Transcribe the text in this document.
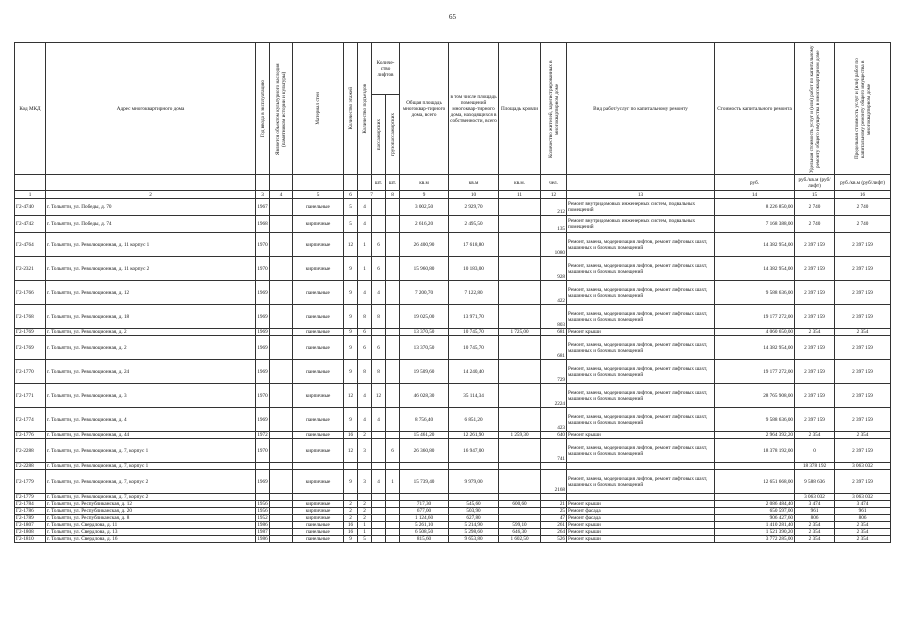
65
Код МКД	Адрес многоквартирного дома	Год ввода в эксплуатацию	Является объектом культурного наследия (памятником истории и культуры)	Материал стен	Количество этажей	Количество подъездов	Количе-ство лифтов		Общая площадь многоквар-тирного дома, всего	в том числе площадь помещений многоквар-тирного дома, находящихся в собственности, всего	Площадь кровли	Количество жителей, зарегистрированных в многоквартирном доме	Вид работ/услуг по капитальному ремонту	Стоимость капитального ремонта	Удельная стоимость услуг и (или) работ по капитальному ремонту общего имущества в многоквартирном доме	Предельная стоимость услуг и (или) работ по капитальному ремонту общего имущества в многоквартирном доме

							пассажирских	грузопассажирских								

							шт.	шт.	кв.м	кв.м	кв.м.	чел.		руб.	руб./кв.м (руб/лифт)	руб./кв.м (руб/лифт)
1	2	3	4	5	6	7		8	9	10	11	12	13	14	15	16
Г2-4740	г. Тольятти, ул. Победы, д. 70	1967		панельные	5	4			3 002,50	2 929,70		212	Ремонт внутридомовых инженерных систем, подвальных помещений	8 226 850,00	2 740	2 740
Г2-4742	г. Тольятти, ул. Победы, д. 74	1968		кирпичные	5	4			2 616,20	2 495,50		135	Ремонт внутридомовых инженерных систем, подвальных помещений	7 168 388,00	2 740	2 740
Г2-4764	г. Тольятти, ул. Революционная, д. 11 корпус 1	1970		кирпичные	12	1	6		26 400,90	17 618,80		1080	Ремонт, замена, модернизация лифтов, ремонт лифтовых шахт, машинных и блочных помещений	14 382 954,00	2 397 159	2 397 159
Г2-2321	г. Тольятти, ул. Революционная, д. 11 корпус 2	1970		кирпичные	9	1	6		15 960,80	10 183,00		928	Ремонт, замена, модернизация лифтов, ремонт лифтовых шахт, машинных и блочных помещений	14 382 954,00	2 397 159	2 397 159
Г2-1766	г. Тольятти, ул. Революционная, д. 12	1969		панельные	9	4	4		7 200,70	7 122,80		422	Ремонт, замена, модернизация лифтов, ремонт лифтовых шахт, машинных и блочных помещений	9 588 636,00	2 397 159	2 397 159
Г2-1768	г. Тольятти, ул. Революционная, д. 18	1969		панельные	9	8	8		19 025,00	13 971,70		803	Ремонт, замена, модернизация лифтов, ремонт лифтовых шахт, машинных и блочных помещений	19 177 272,00	2 397 159	2 397 159
Г2-1769	г. Тольятти, ул. Революционная, д. 2	1969		панельные	9	6			13 370,50	10 745,70	1 725,00	681	Ремонт крыши	4 060 650,00	2 354	2 354
Г2-1769	г. Тольятти, ул. Революционная, д. 2	1969		панельные	9	6	6		13 370,50	10 745,70		681	Ремонт, замена, модернизация лифтов, ремонт лифтовых шахт, машинных и блочных помещений	14 382 954,00	2 397 159	2 397 159
Г2-1770	г. Тольятти, ул. Революционная, д. 24	1969		панельные	9	8	8		19 509,60	14 240,40		729	Ремонт, замена, модернизация лифтов, ремонт лифтовых шахт, машинных и блочных помещений	19 177 272,00	2 397 159	2 397 159
Г2-1771	г. Тольятти, ул. Революционная, д. 3	1970		кирпичные	12	4	12		46 028,30	35 114,34		2224	Ремонт, замена, модернизация лифтов, ремонт лифтовых шахт, машинных и блочных помещений	28 765 908,00	2 397 159	2 397 159
Г2-1774	г. Тольятти, ул. Революционная, д. 4	1969		панельные	9	4	4		8 756,40	6 851,20		423	Ремонт, замена, модернизация лифтов, ремонт лифтовых шахт, машинных и блочных помещений	9 588 636,00	2 397 159	2 397 159
Г2-1776	г. Тольятти, ул. Революционная, д. 44	1972		панельные	16	2			15 461,20	12 261,90	1 259,30	640	Ремонт крыши	2 964 392,20	2 354	2 354
Г2-2288	г. Тольятти, ул. Революционная, д. 7, корпус 1	1970		кирпичные	12	3		6	26 360,80	16 947,00		741	Ремонт, замена, модернизация лифтов, ремонт лифтовых шахт, машинных и блочных помещений	18 378 192,00	0	2 397 159
Г2-2288	г. Тольятти, ул. Революционная, д. 7, корпус 1														18 378 192	3 063 032
Г2-1779	г. Тольятти, ул. Революционная, д. 7, корпус 2	1969		кирпичные	9	3	4	1	15 739,40	9 979,00		2168	Ремонт, замена, модернизация лифтов, ремонт лифтовых шахт, машинных и блочных помещений	12 651 668,00	9 588 636	2 397 159
Г2-1779	г. Тольятти, ул. Революционная, д. 7, корпус 2														3 063 032	3 063 032
Г2-1784	г. Тольятти, ул. Республиканская, д. 12	1956		кирпичные	2	2			717,30	545,60	600,60	21	Ремонт крыши	2 086 484,40	3 474	3 474
Г2-1786	г. Тольятти, ул. Республиканская, д. 20	1956		кирпичные	2	2			677,00	503,90		25	Ремонт фасада	650 597,00	961	961
Г2-1789	г. Тольятти, ул. Республиканская, д. 8	1952		кирпичные	2	2			1 124,60	627,80		47	Ремонт фасада	906 427,60	806	806
Г2-1807	г. Тольятти, ул. Свердлова, д. 11	1986		панельные	16	1			5 261,10	5 214,90	599,10	261	Ремонт крыши	1 410 281,40	2 354	2 354
Г2-1808	г. Тольятти, ул. Свердлова, д. 13	1987		панельные	16	1			6 508,50	5 298,60	646,30	264	Ремонт крыши	1 521 390,20	2 354	2 354
Г2-1810	г. Тольятти, ул. Свердлова, д. 16	1986		панельные	9	5			815,60	9 653,80	1 602,50	526	Ремонт крыши	3 772 285,00	2 354	2 354
